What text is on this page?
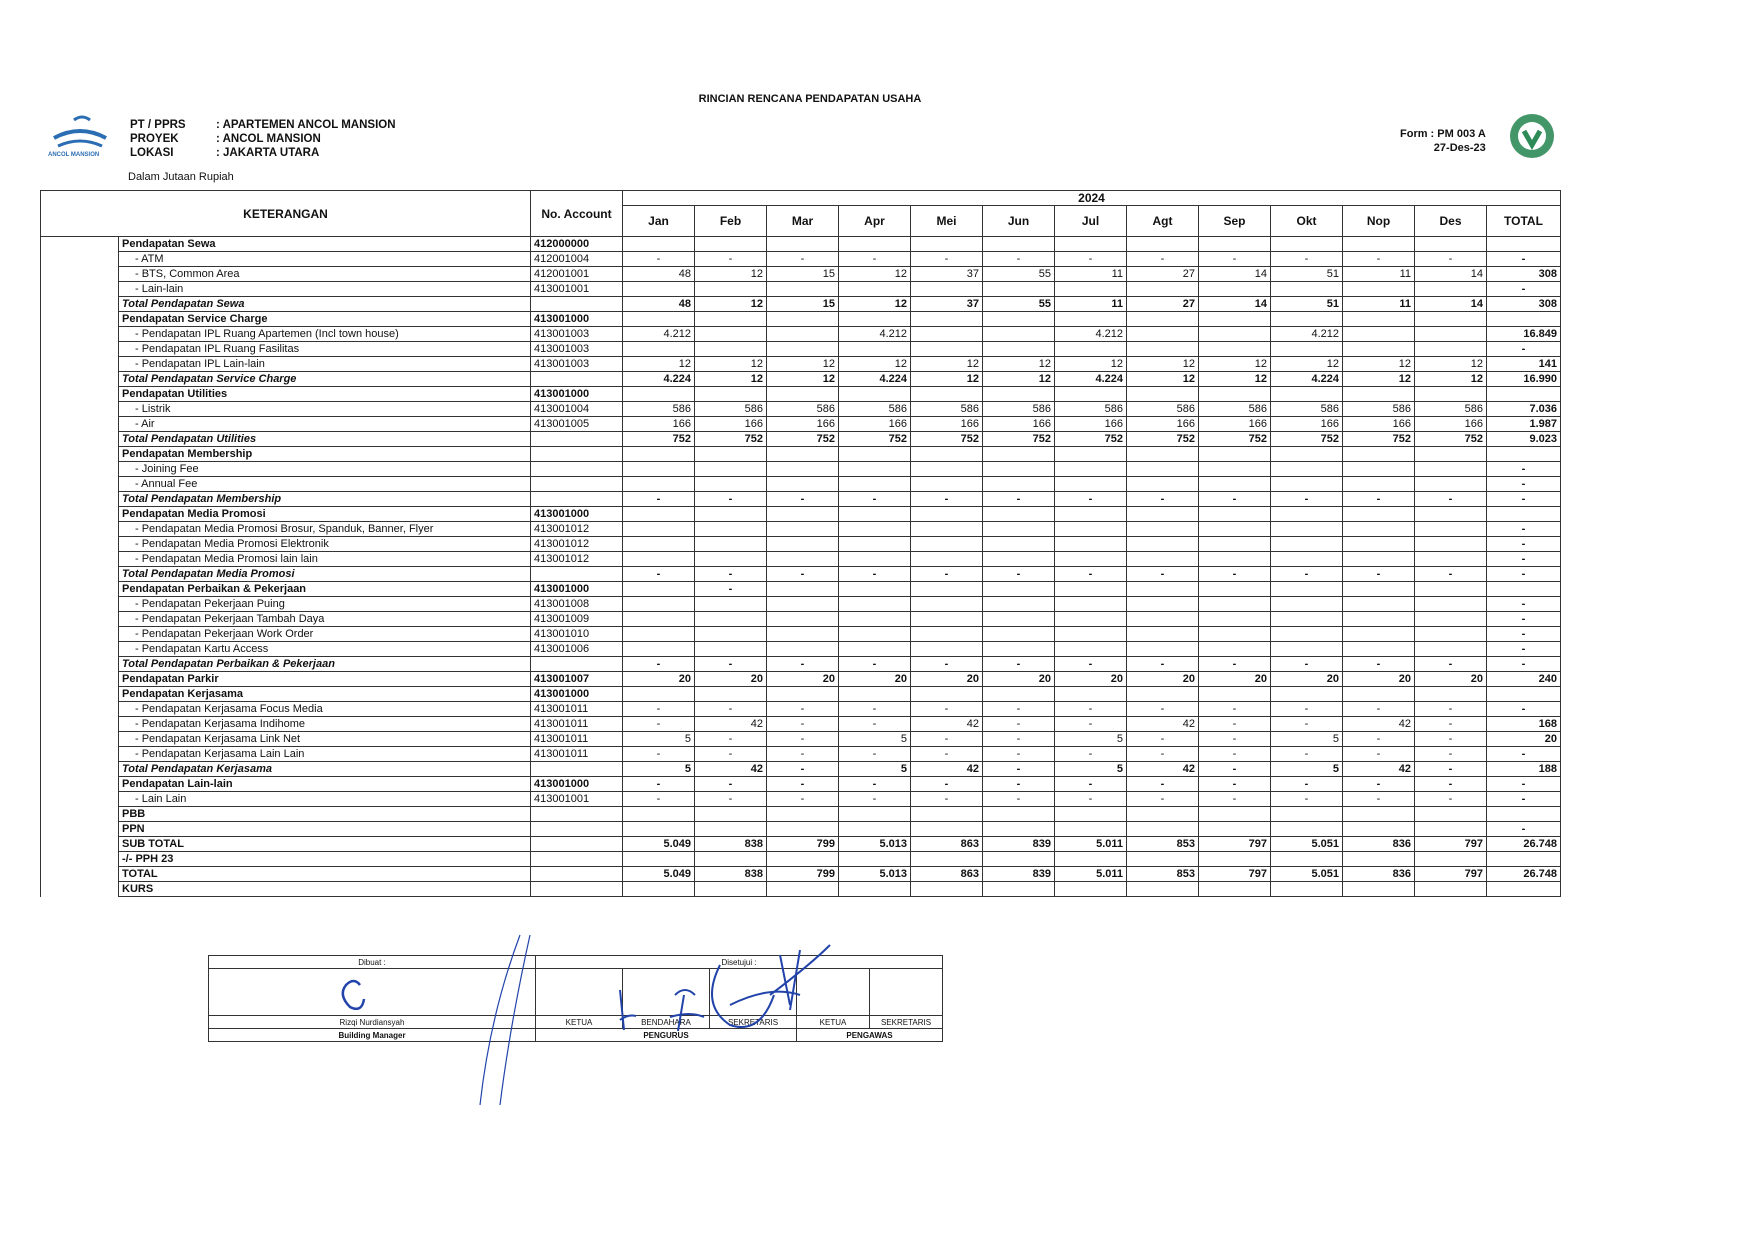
RINCIAN RENCANA PENDAPATAN USAHA
ANCOL MANSION
PT / PPRS	: APARTEMEN ANCOL MANSION
PROYEK	: ANCOL MANSION
LOKASI	: JAKARTA UTARA
Form : PM 003 A
27-Des-23
Dalam Jutaan Rupiah
KETERANGAN		No. Account	2024												
			Jan	Feb	Mar	Apr	Mei	Jun	Jul	Agt	Sep	Okt	Nop	Des	TOTAL
	Pendapatan Sewa	412000000													
	- ATM	412001004	-	-	-	-	-	-	-	-	-	-	-	-	-
	- BTS, Common Area	412001001	48	12	15	12	37	55	11	27	14	51	11	14	308
	- Lain-lain	413001001													-
	Total Pendapatan Sewa		48	12	15	12	37	55	11	27	14	51	11	14	308
	Pendapatan Service Charge	413001000													
	- Pendapatan IPL Ruang Apartemen (Incl town house)	413001003	4.212			4.212			4.212			4.212			16.849
	- Pendapatan IPL Ruang Fasilitas	413001003													-
	- Pendapatan IPL Lain-lain	413001003	12	12	12	12	12	12	12	12	12	12	12	12	141
	Total Pendapatan Service Charge		4.224	12	12	4.224	12	12	4.224	12	12	4.224	12	12	16.990
	Pendapatan Utilities	413001000													
	- Listrik	413001004	586	586	586	586	586	586	586	586	586	586	586	586	7.036
	- Air	413001005	166	166	166	166	166	166	166	166	166	166	166	166	1.987
	Total Pendapatan Utilities		752	752	752	752	752	752	752	752	752	752	752	752	9.023
	Pendapatan Membership														
	- Joining Fee														-
	- Annual Fee														-
	Total Pendapatan Membership		-	-	-	-	-	-	-	-	-	-	-	-	-
	Pendapatan Media Promosi	413001000													
	- Pendapatan Media Promosi Brosur, Spanduk, Banner, Flyer	413001012													-
	- Pendapatan Media Promosi Elektronik	413001012													-
	- Pendapatan Media Promosi lain lain	413001012													-
	Total Pendapatan Media Promosi		-	-	-	-	-	-	-	-	-	-	-	-	-
	Pendapatan Perbaikan & Pekerjaan	413001000		-											
	- Pendapatan Pekerjaan Puing	413001008													-
	- Pendapatan Pekerjaan Tambah Daya	413001009													-
	- Pendapatan Pekerjaan Work Order	413001010													-
	- Pendapatan Kartu Access	413001006													-
	Total Pendapatan Perbaikan & Pekerjaan		-	-	-	-	-	-	-	-	-	-	-	-	-
	Pendapatan Parkir	413001007	20	20	20	20	20	20	20	20	20	20	20	20	240
	Pendapatan Kerjasama	413001000													
	- Pendapatan Kerjasama Focus Media	413001011	-	-	-	-	-	-	-	-	-	-	-	-	-
	- Pendapatan Kerjasama Indihome	413001011	-	42	-	-	42	-	-	42	-	-	42	-	168
	- Pendapatan Kerjasama Link Net	413001011	5	-	-	5	-	-	5	-	-	5	-	-	20
	- Pendapatan Kerjasama Lain Lain	413001011	-	-	-	-	-	-	-	-	-	-	-	-	-
	Total Pendapatan Kerjasama		5	42	-	5	42	-	5	42	-	5	42	-	188
	Pendapatan Lain-lain	413001000	-	-	-	-	-	-	-	-	-	-	-	-	-
	- Lain Lain	413001001	-	-	-	-	-	-	-	-	-	-	-	-	-
	PBB														
	PPN														-
	SUB TOTAL		5.049	838	799	5.013	863	839	5.011	853	797	5.051	836	797	26.748
	-/- PPH 23														
	TOTAL		5.049	838	799	5.013	863	839	5.011	853	797	5.051	836	797	26.748
	KURS														
Dibuat :	Disetujui :				

Rizqi Nurdiansyah	KETUA	BENDAHARA	SEKRETARIS	KETUA	SEKRETARIS
Building Manager	PENGURUS			PENGAWAS	
